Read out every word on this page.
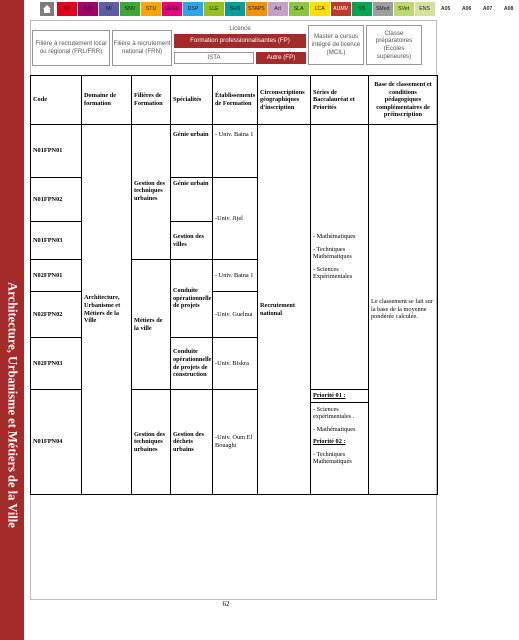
Architecture, Urbanisme et Métiers de la Ville
ST	SM	MI	SNV	STU	SEGC	DSP	LLE	SHS	STAPS	Art	SLA	LCA	AUMV	SS	SMed	SVet	ENS	A05	A06	A07	A08
Filière à recrutement local ou régional (FRL/FRR)
Filière à recrutement national (FRN)
Licence
Formation professionnalisantes (FP)
ISTA	Autre (FP)
Master à cursus intégré de licence (MCIL)
Classe préparatoires (Ecoles supérieures)
Code	Domaine de formation	Filières de Formation	Spécialités	Établissements de Formation	Circonscriptions géographiques d'inscription	Séries de Baccalauréat et Priorités	Base de classement et conditions pédagogiques complémentaires de préinscription
N01FPN01	Architecture, Urbanisme et Métiers de la Ville	Gestion des techniques urbaines	Génie urbain	- Univ. Batna 1	Recrutement national	- Mathématiques
- Techniques Mathématiques
- Sciences Expérimentales	Le classement se fait sur la base de la moyenne pondérée calculée.
N01FPN02			Génie urbain	-Univ. Jijel			
N01FPN03			Gestion des villes				
N02FPN01		Métiers de la ville	Conduite opérationnelle de projets	- Univ. Batna 1			
N02FPN02				-Univ. Guelma			
N02FPN03			Conduite opérationnelle de projets de construction	-Univ. Biskra			
N01FPN04		Gestion des techniques urbaines	Gestion des déchets urbains	-Univ. Oum El Bouaghi		Priorité 01 :
- Sciences expérimentales .
- Mathématiques
Priorité 02 :
- Techniques Mathématiques	
62
